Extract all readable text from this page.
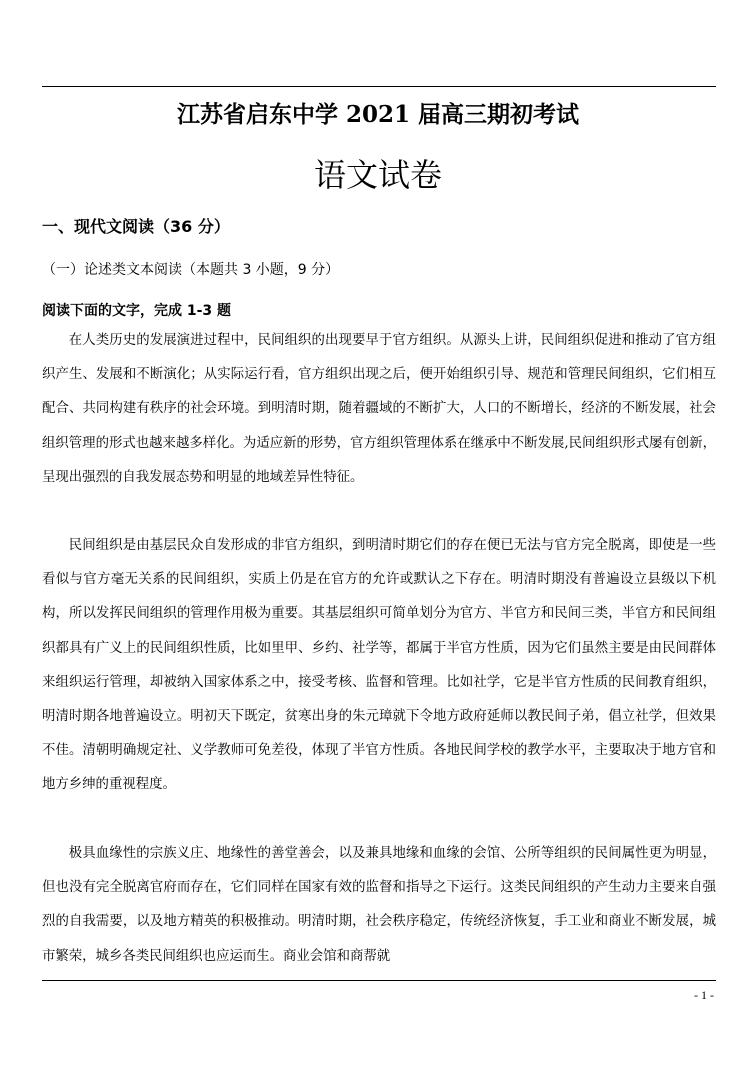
江苏省启东中学 2021 届高三期初考试
语文试卷
一、现代文阅读（36 分）
（一）论述类文本阅读（本题共 3 小题，9 分）
阅读下面的文字，完成 1-3 题

在人类历史的发展演进过程中，民间组织的出现要早于官方组织。从源头上讲，民间组织促进和推动了官方组织产生、发展和不断演化；从实际运行看，官方组织出现之后，便开始组织引导、规范和管理民间组织，它们相互配合、共同构建有秩序的社会环境。到明清时期，随着疆域的不断扩大，人口的不断增长，经济的不断发展，社会组织管理的形式也越来越多样化。为适应新的形势，官方组织管理体系在继承中不断发展,民间组织形式屡有创新，呈现出强烈的自我发展态势和明显的地域差异性特征。

民间组织是由基层民众自发形成的非官方组织，到明清时期它们的存在便已无法与官方完全脱离，即使是一些看似与官方毫无关系的民间组织，实质上仍是在官方的允许或默认之下存在。明清时期没有普遍设立县级以下机构，所以发挥民间组织的管理作用极为重要。其基层组织可简单划分为官方、半官方和民间三类，半官方和民间组织都具有广义上的民间组织性质，比如里甲、乡约、社学等，都属于半官方性质，因为它们虽然主要是由民间群体来组织运行管理，却被纳入国家体系之中，接受考核、监督和管理。比如社学，它是半官方性质的民间教育组织，明清时期各地普遍设立。明初天下既定，贫寒出身的朱元璋就下令地方政府延师以教民间子弟，倡立社学，但效果不佳。清朝明确规定社、义学教师可免差役，体现了半官方性质。各地民间学校的教学水平，主要取决于地方官和地方乡绅的重视程度。

极具血缘性的宗族义庄、地缘性的善堂善会，以及兼具地缘和血缘的会馆、公所等组织的民间属性更为明显，但也没有完全脱离官府而存在，它们同样在国家有效的监督和指导之下运行。这类民间组织的产生动力主要来自强烈的自我需要，以及地方精英的积极推动。明清时期，社会秩序稳定，传统经济恢复，手工业和商业不断发展，城市繁荣，城乡各类民间组织也应运而生。商业会馆和商帮就

- 1 -
